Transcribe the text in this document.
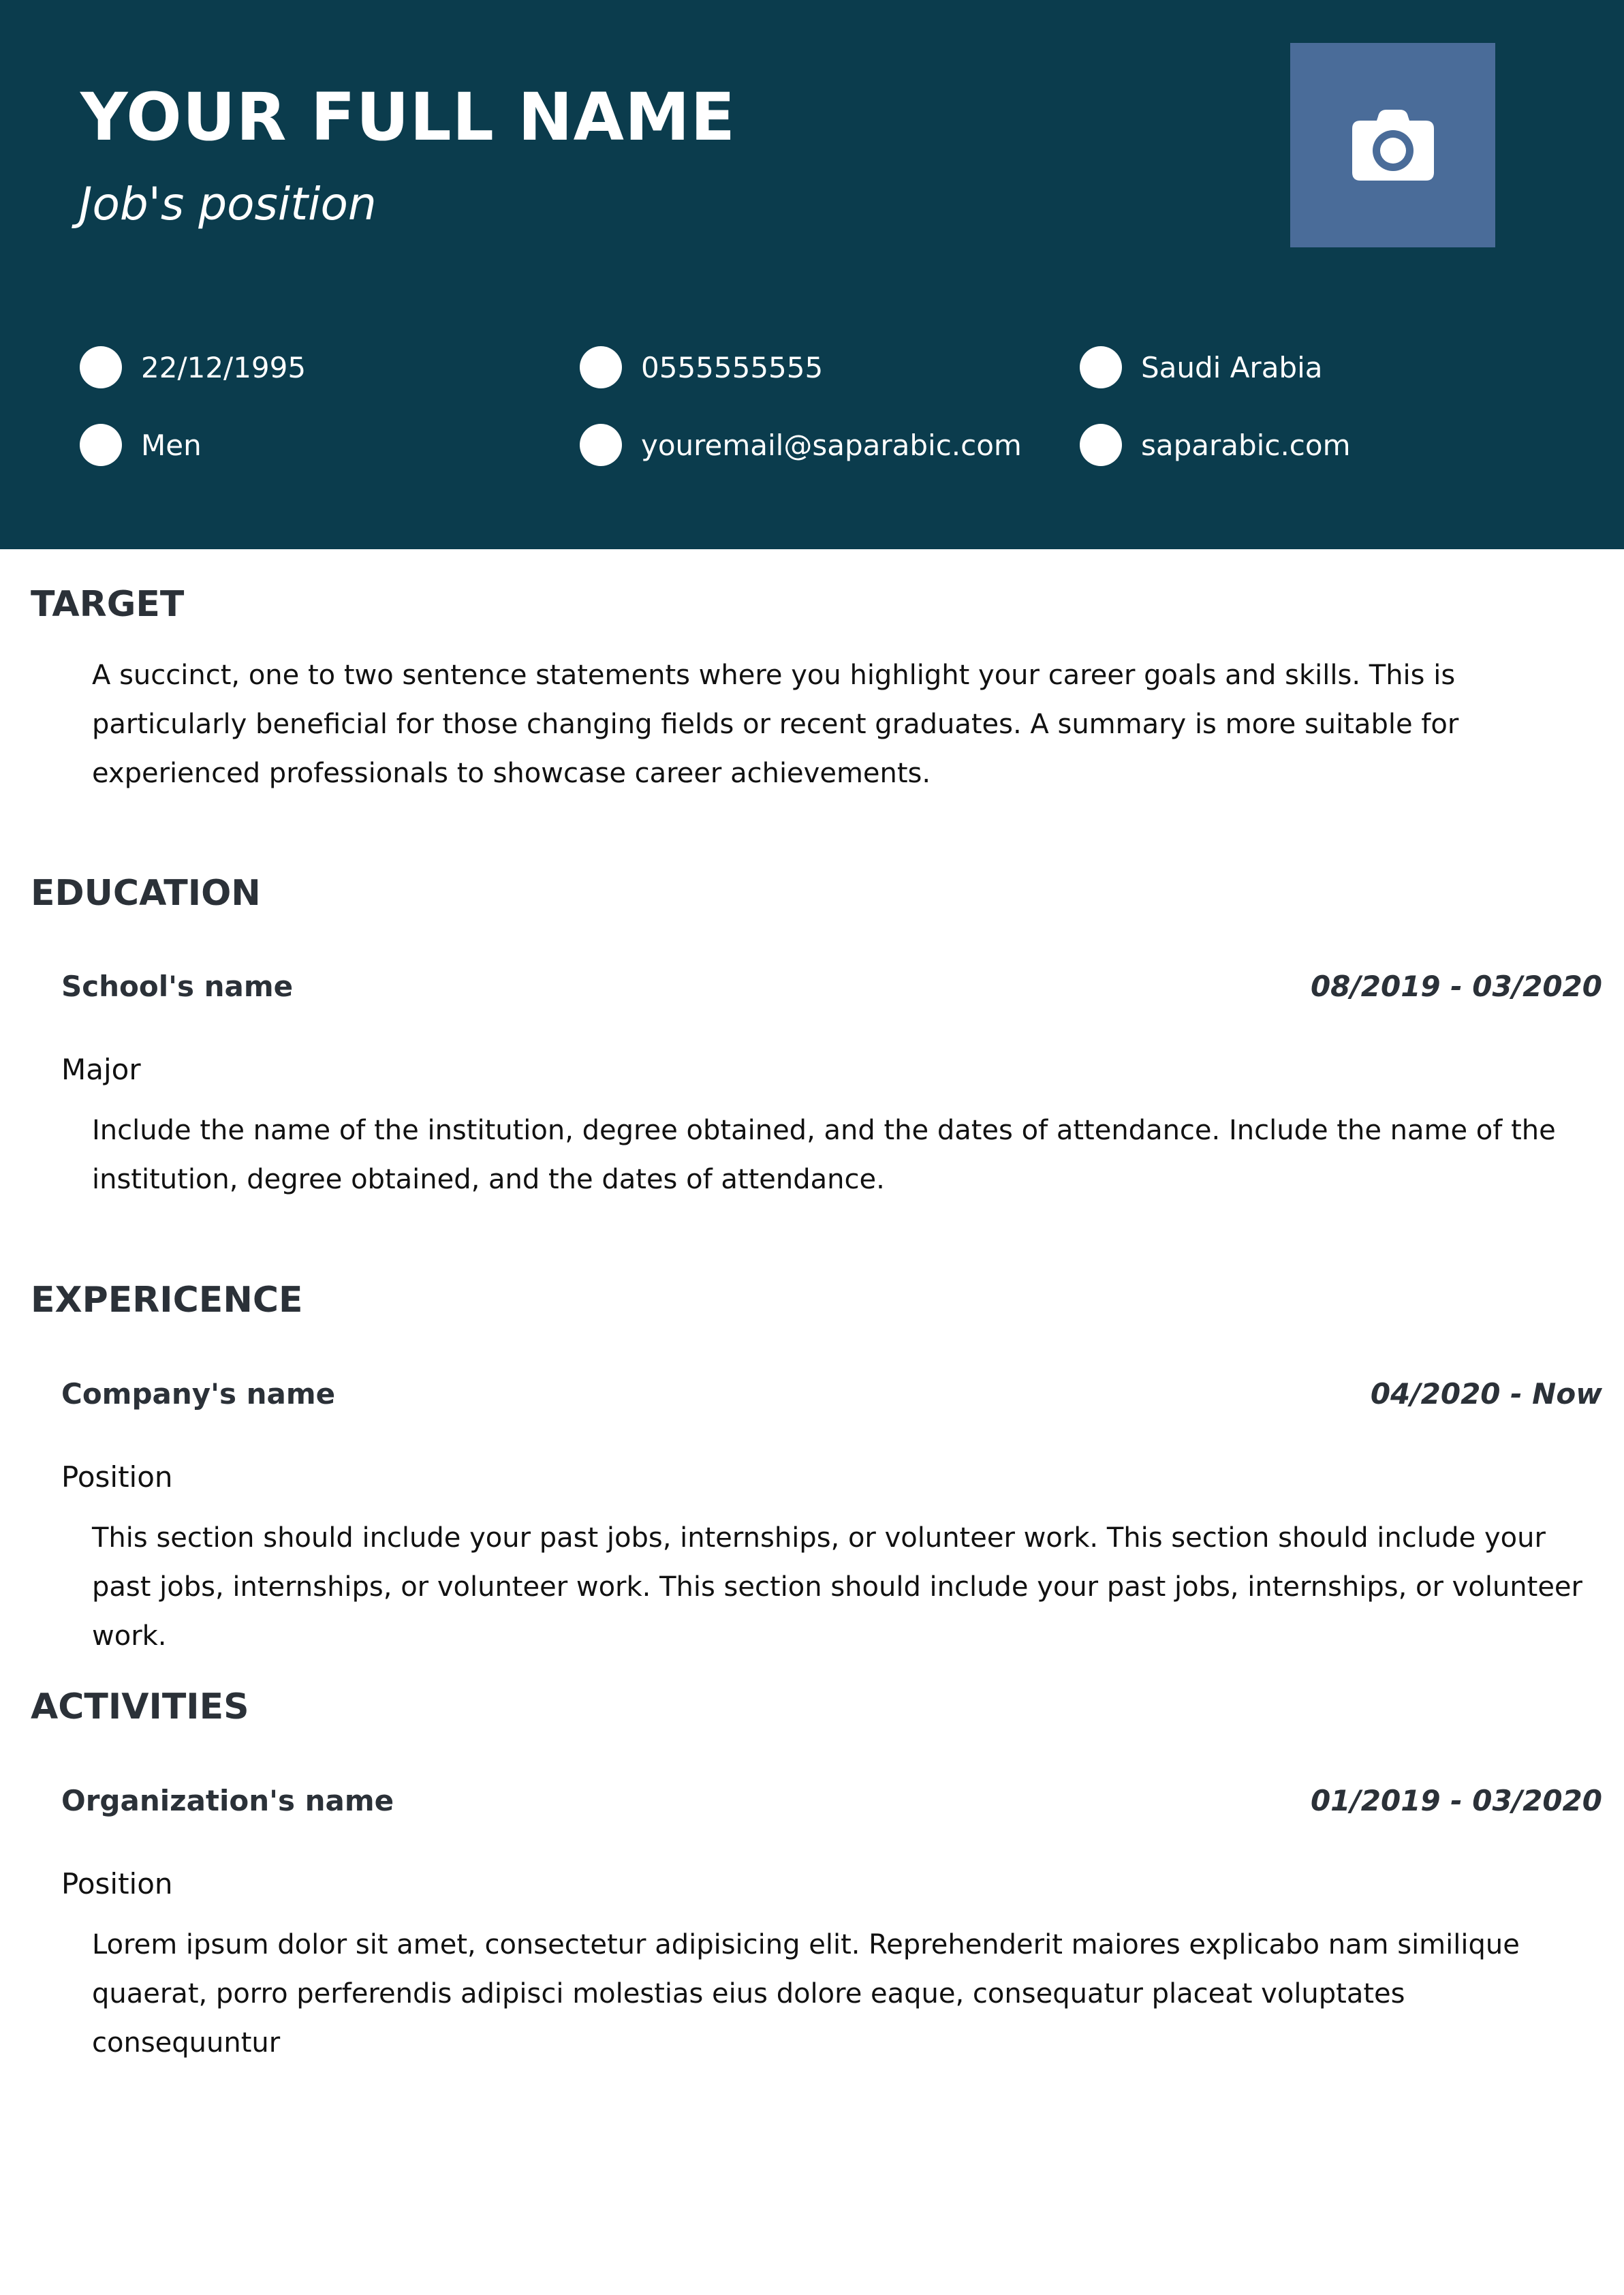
YOUR FULL NAME
Job's position
22/12/1995	0555555555	Saudi Arabia
Men	youremail@saparabic.com	saparabic.com
TARGET
A succinct, one to two sentence statements where you highlight your career goals and skills. This is particularly beneficial for those changing fields or recent graduates. A summary is more suitable for experienced professionals to showcase career achievements.
EDUCATION
School's name	08/2019 - 03/2020
Major
Include the name of the institution, degree obtained, and the dates of attendance. Include the name of the institution, degree obtained, and the dates of attendance.
EXPERICENCE
Company's name	04/2020 - Now
Position
This section should include your past jobs, internships, or volunteer work. This section should include your past jobs, internships, or volunteer work. This section should include your past jobs, internships, or volunteer work.
ACTIVITIES
Organization's name	01/2019 - 03/2020
Position
Lorem ipsum dolor sit amet, consectetur adipisicing elit. Reprehenderit maiores explicabo nam similique quaerat, porro perferendis adipisci molestias eius dolore eaque, consequatur placeat voluptates consequuntur
